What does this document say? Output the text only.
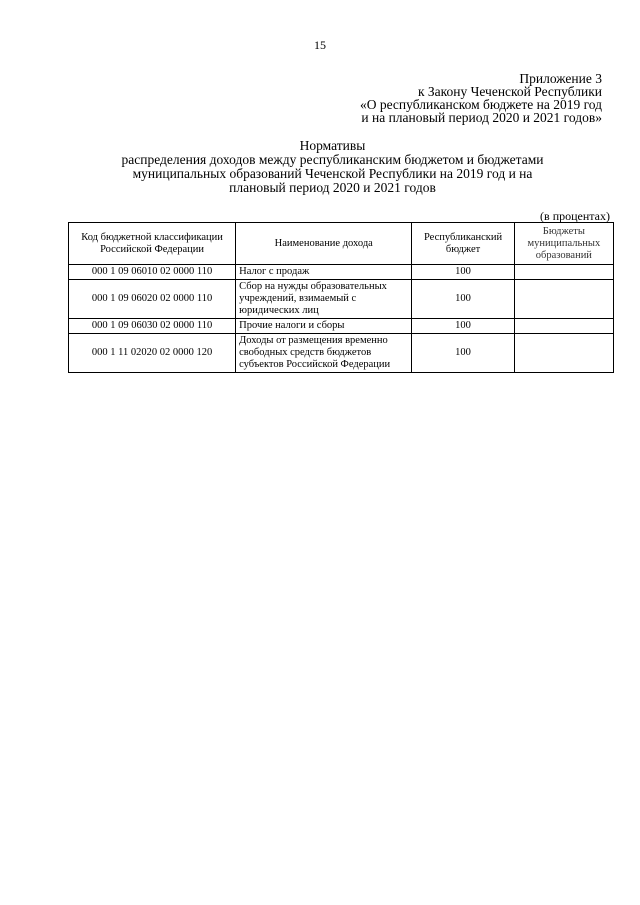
15
Приложение 3
к Закону Чеченской Республики
«О республиканском бюджете на 2019 год
и на плановый период 2020 и 2021 годов»
Нормативы
распределения доходов между республиканским бюджетом и бюджетами
муниципальных образований Чеченской Республики на 2019 год и на
плановый период 2020 и 2021 годов
(в процентах)
Код бюджетной классификации Российской Федерации	Наименование дохода	Республиканский бюджет	Бюджеты муниципальных образований
000 1 09 06010 02 0000 110	Налог с продаж	100	
000 1 09 06020 02 0000 110	Сбор на нужды образовательных учреждений, взимаемый с юридических лиц	100	
000 1 09 06030 02 0000 110	Прочие налоги и сборы	100	
000 1 11 02020 02 0000 120	Доходы от размещения временно свободных средств бюджетов субъектов Российской Федерации	100	
